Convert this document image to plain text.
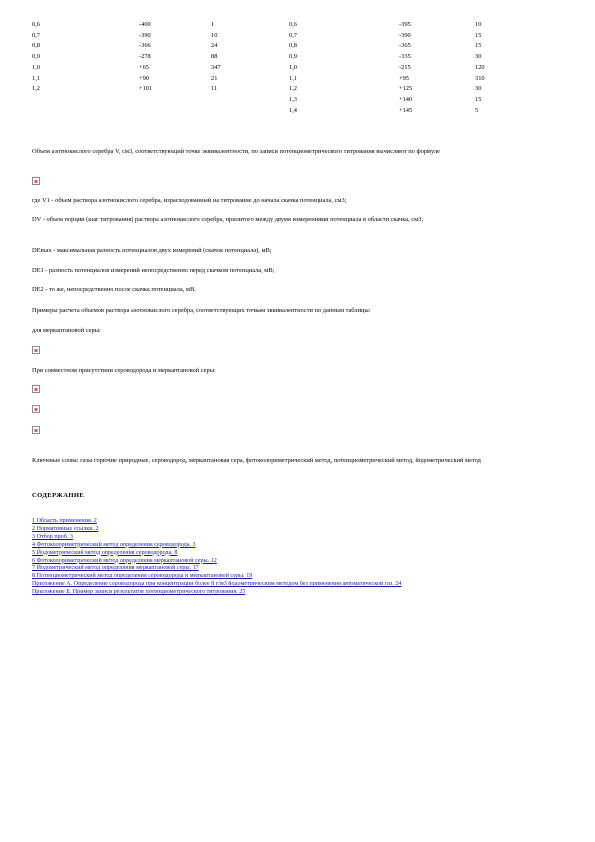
0,6	-400	1	0,6	-395	10
0,7	-390	10	0,7	-390	15
0,8	-366	24	0,8	-365	15
0,9	-278	88	0,9	-335	30
1,0	+65	347	1,0	-215	120
1,1	+90	21	1,1	+95	310
1,2	+101	11	1,2	+125	30
			1,3	+140	15
			1,4	+145	5
Объем азотнокислого серебра V, см3, соответствующий точке эквивалентности, по записи потенциометрического титрования вычисляют по формуле
где V1 - объем раствора азотнокислого серебра, израсходованный на титрование до начала скачка потенциала, см3;
DV - объем порции (шаг титрования) раствора азотнокислого серебра, прилитого между двумя измерениями потенциала в области скачка, см3;
DEmax - максимальная разность потенциалов двух измерений (скачок потенциала), мВ;
DE1 - разность потенциалов измерений непосредственно перед скачком потенциала, мВ;
DE2 - то же, непосредственно после скачка потенциала, мВ.
Примеры расчета объемов раствора азотнокислого серебра, соответствующих точкам эквивалентности по данным таблицы:
для меркаптановой серы:
При совместном присутствии сероводорода и меркаптановой серы:
Ключевые слова: газы горючие природные, сероводород, меркаптановая сера, фотоколориметрический метод, потенциометрический метод, йодометрический метод
СОДЕРЖАНИЕ
1 Область применения. 2
2 Нормативные ссылки. 2
3 Отбор проб. 3
4 Фотоколориметрический метод определения сероводорода. 3
5 Йодометрический метод определения сероводорода. 8
6 Фотоколориметрический метод определения меркаптановой серы. 12
7 Йодометрический метод определения меркаптановой серы. 17
8 Потенциометрический метод определения сероводорода и меркаптановой серы. 19
Приложение А. Определение сероводорода при концентрации более 8 г/м3 йодометрическим методом без применения автоматической газ. 24
Приложение Б. Пример записи результатов потенциометрического титрования. 25
